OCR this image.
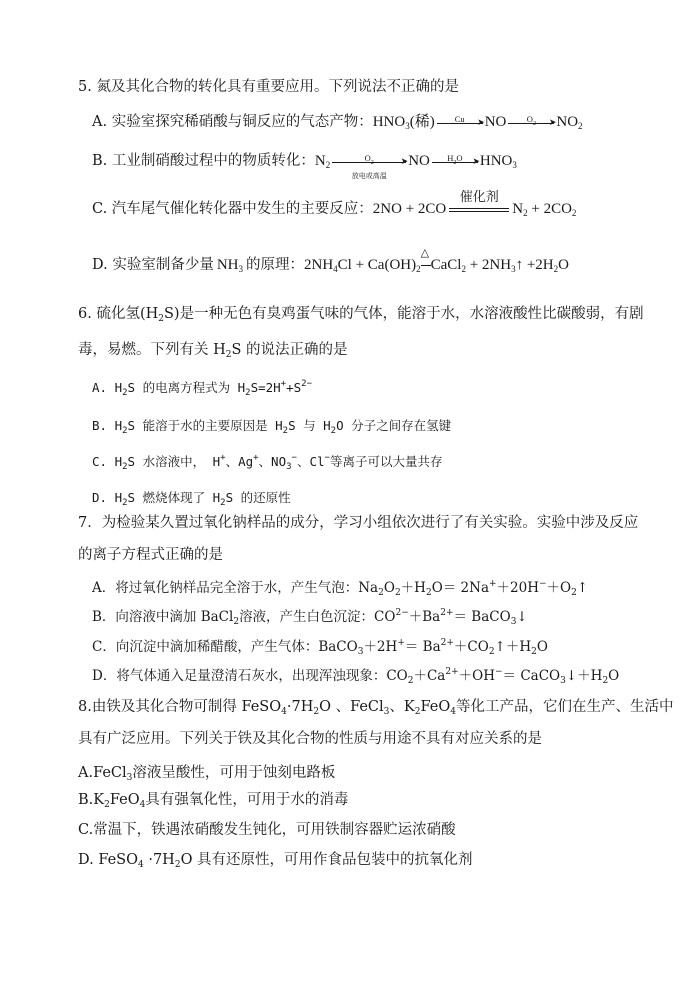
5. 氮及其化合物的转化具有重要应用。下列说法不正确的是
A. 实验室探究稀硝酸与铜反应的气态产物：$HNO_3$(稀)	Cu	➤ NO	$O_2$	➤ $NO_2$
B. 工业制硝酸过程中的物质转化：$N_2$
$O_2$
放电或高温
➤ NO	$H_2O$	➤ $HNO_3$
C. 汽车尾气催化转化器中发生的主要反应：2NO + 2CO
催化剂
$N_2 + 2CO_2$
D. 实验室制备少量 $NH_3$ 的原理：$2NH_4Cl + Ca(OH)_2$
△
CaCl$_2$ + $2NH_3↑ +2H_2O$
6. 硫化氢$(H_2S)$是一种无色有臭鸡蛋气味的气体，能溶于水，水溶液酸性比碳酸弱，有剧
毒，易燃。下列有关 $H_2S$ 的说法正确的是
A. $H_2S$ 的电离方程式为 $H_2S=2H^++S^{2-}$
B. $H_2S$ 能溶于水的主要原因是 $H_2S$ 与 $H_2O$ 分子之间存在氢键
C. $H_2S$ 水溶液中， H+、Ag+、$NO_3^-$、Cl−等离子可以大量共存
D. $H_2S$ 燃烧体现了 $H_2S$ 的还原性
7．为检验某久置过氧化钠样品的成分，学习小组依次进行了有关实验。实验中涉及反应
的离子方程式正确的是
A．将过氧化钠样品完全溶于水，产生气泡：$Na_2O_2+H_2O=$ $2Na^++20H^-+O_2↑$
B．向溶液中滴加 BaCl$_2$溶液，产生白色沉淀：$CO^{2-}+Ba^{2+}=$ BaCO$_3$↓
C．向沉淀中滴加稀醋酸，产生气体：BaCO$_3$＋2H+＝ $Ba^{2+}+CO_2↑+H_2O$
D．将气体通入足量澄清石灰水，出现浑浊现象：$CO_2+Ca^{2+}+OH^-=$ $CaCO_3↓+H_2O$
8.由铁及其化合物可制得 $FeSO_4\cdot 7H_2O$ 、FeCl$_3$、$K_2FeO_4$等化工产品，它们在生产、生活中
具有广泛应用。下列关于铁及其化合物的性质与用途不具有对应关系的是
A.FeCl$_3$溶液呈酸性，可用于蚀刻电路板
$B.K_2FeO_4$具有强氧化性，可用于水的消毒
C.常温下，铁遇浓硝酸发生钝化，可用铁制容器贮运浓硝酸
D. FeSO$_4$ $\cdot 7H_2O$ 具有还原性，可用作食品包装中的抗氧化剂
